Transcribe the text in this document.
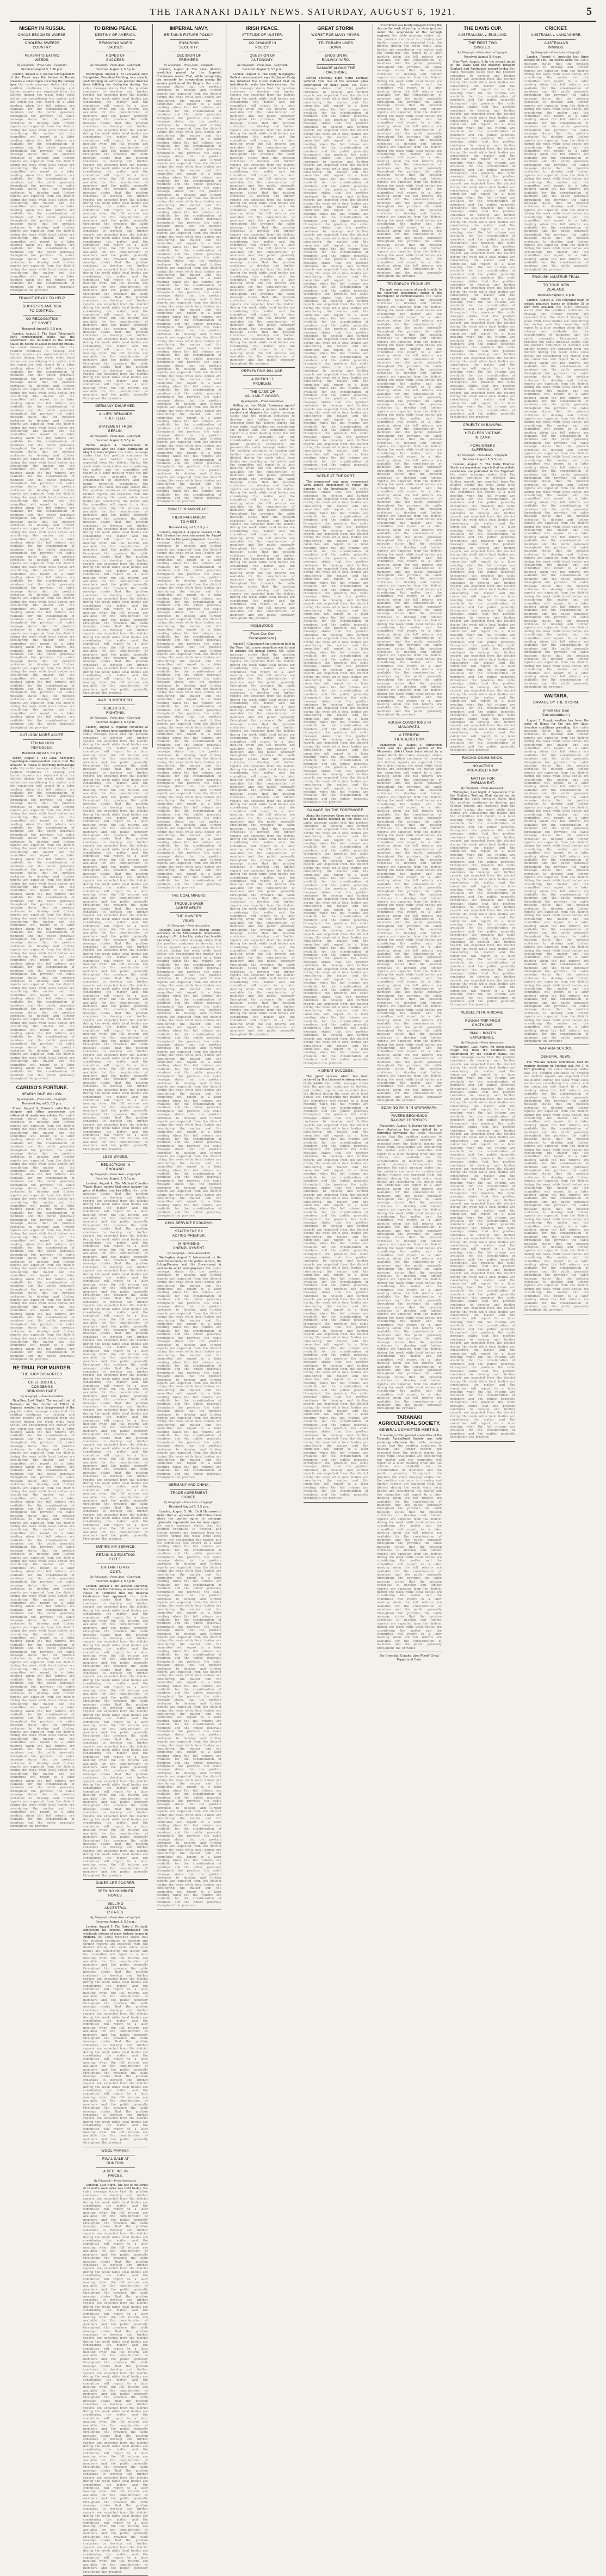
THE TARANAKI DAILY NEWS. SATURDAY, AUGUST 6, 1921.	5
MISERY IN RUSSIA.
CHAOS BECOMES WORSE.
CHOLERA SWEEPS COUNTRY.
PEASANTS EATING WEEDS.
By Telegraph.—Press Assn.—Copyright.
Received August 5, 7.50 p.m.
London, August 4. A special correspondent of the Times says the famine in Russia presents a catastrophe recalling the darkest ages. the cable message states that the position continues to develop and further reports are expected from the district during the week while local bodies are considering the matter and the committee will report to a later meeting when the full returns are available for the consideration of members and the public generally throughout the province the cable message states that the position continues to develop and further reports are expected from the district during the week while local bodies are considering the matter and the committee will report to a later meeting when the full returns are available for the consideration of members and the public generally throughout the province the cable message states that the position continues to develop and further reports are expected from the district during the week while local bodies are considering the matter and the committee will report to a later meeting when the full returns are available for the consideration of members and the public generally throughout the province the cable message states that the position continues to develop and further reports are expected from the district during the week while local bodies are considering the matter and the committee will report to a later meeting when the full returns are available for the consideration of members and the public generally throughout the province the cable message states that the position continues to develop and further reports are expected from the district during the week while local bodies are considering the matter and the committee will report to a later meeting when the full returns are available for the consideration of members and the public generally throughout the province the cable message states that the position continues to develop and further reports are expected from the district during the week while local bodies are considering the matter and the committee will report to a later meeting when the full returns are available for the consideration of members and the public generally throughout the province
FRANCE READY TO HELP.
SUGGESTS AMERICA TO CONTROL.
NO RECOGNITION OF SOVIET.
Received August 5, 5.5 p.m.
London, August 5. The Daily Telegraph's Paris correspondent states that the Government has intimated to the United States its desire to assist in feeding Russia. the cable message states that the position continues to develop and further reports are expected from the district during the week while local bodies are considering the matter and the committee will report to a later meeting when the full returns are available for the consideration of members and the public generally throughout the province the cable message states that the position continues to develop and further reports are expected from the district during the week while local bodies are considering the matter and the committee will report to a later meeting when the full returns are available for the consideration of members and the public generally throughout the province the cable message states that the position continues to develop and further reports are expected from the district during the week while local bodies are considering the matter and the committee will report to a later meeting when the full returns are available for the consideration of members and the public generally throughout the province the cable message states that the position continues to develop and further reports are expected from the district during the week while local bodies are considering the matter and the committee will report to a later meeting when the full returns are available for the consideration of members and the public generally throughout the province the cable message states that the position continues to develop and further reports are expected from the district during the week while local bodies are considering the matter and the committee will report to a later meeting when the full returns are available for the consideration of members and the public generally throughout the province the cable message states that the position continues to develop and further reports are expected from the district during the week while local bodies are considering the matter and the committee will report to a later meeting when the full returns are available for the consideration of members and the public generally throughout the province the cable message states that the position continues to develop and further reports are expected from the district during the week while local bodies are considering the matter and the committee will report to a later meeting when the full returns are available for the consideration of members and the public generally throughout the province the cable message states that the position continues to develop and further reports are expected from the district during the week while local bodies are considering the matter and the committee will report to a later meeting when the full returns are available for the consideration of members and the public generally throughout the province the cable message states that the position continues to develop and further reports are expected from the district during the week while local bodies are considering the matter and the committee will report to a later meeting when the full returns are available for the consideration of members and the public generally throughout the province the cable message states that the position continues to develop and further reports are expected from the district during the week while local bodies are considering the matter and the committee will report to a later meeting when the full returns are available for the consideration of members and the public generally throughout the province the cable message states that the position continues to develop and further reports are expected from the district during the week while local bodies are considering the matter and the committee will report to a later meeting when the full returns are available for the consideration of members and the public generally throughout the province
OUTLOOK MORE ACUTE.
TEN MILLION REFUGEES.
Received August 5, 5.5 p.m.
Berlin, August 4. The Lokal Anzeiger's Copenhagen correspondent states that the situation in Russia is becoming increasingly acute. the cable message states that the position continues to develop and further reports are expected from the district during the week while local bodies are considering the matter and the committee will report to a later meeting when the full returns are available for the consideration of members and the public generally throughout the province the cable message states that the position continues to develop and further reports are expected from the district during the week while local bodies are considering the matter and the committee will report to a later meeting when the full returns are available for the consideration of members and the public generally throughout the province the cable message states that the position continues to develop and further reports are expected from the district during the week while local bodies are considering the matter and the committee will report to a later meeting when the full returns are available for the consideration of members and the public generally throughout the province the cable message states that the position continues to develop and further reports are expected from the district during the week while local bodies are considering the matter and the committee will report to a later meeting when the full returns are available for the consideration of members and the public generally throughout the province the cable message states that the position continues to develop and further reports are expected from the district during the week while local bodies are considering the matter and the committee will report to a later meeting when the full returns are available for the consideration of members and the public generally throughout the province the cable message states that the position continues to develop and further reports are expected from the district during the week while local bodies are considering the matter and the committee will report to a later meeting when the full returns are available for the consideration of members and the public generally throughout the province the cable message states that the position continues to develop and further reports are expected from the district during the week while local bodies are considering the matter and the committee will report to a later meeting when the full returns are available for the consideration of members and the public generally throughout the province the cable message states that the position continues to develop and further reports are expected from the district during the week while local bodies are considering the matter and the committee will report to a later meeting when the full returns are available for the consideration of members and the public generally throughout the province the cable message states that the position continues to develop and further reports are expected from the district during the week while local bodies are considering the matter and the committee will report to a later meeting when the full returns are available for the consideration of members and the public generally throughout the province
CARUSO'S FORTUNE.
NEARLY ONE MILLION.
By Telegraph.—Press Assn.—Copyright.
Received August 5, 5.5 p.m.
Rome, August 4. Caruso's collection of antiques and other possessions are estimated at nearly one million. the cable message states that the position continues to develop and further reports are expected from the district during the week while local bodies are considering the matter and the committee will report to a later meeting when the full returns are available for the consideration of members and the public generally throughout the province the cable message states that the position continues to develop and further reports are expected from the district during the week while local bodies are considering the matter and the committee will report to a later meeting when the full returns are available for the consideration of members and the public generally throughout the province the cable message states that the position continues to develop and further reports are expected from the district during the week while local bodies are considering the matter and the committee will report to a later meeting when the full returns are available for the consideration of members and the public generally throughout the province the cable message states that the position continues to develop and further reports are expected from the district during the week while local bodies are considering the matter and the committee will report to a later meeting when the full returns are available for the consideration of members and the public generally throughout the province the cable message states that the position continues to develop and further reports are expected from the district during the week while local bodies are considering the matter and the committee will report to a later meeting when the full returns are available for the consideration of members and the public generally throughout the province the cable message states that the position continues to develop and further reports are expected from the district during the week while local bodies are considering the matter and the committee will report to a later meeting when the full returns are available for the consideration of members and the public generally throughout the province the cable message states that the position continues to develop and further reports are expected from the district during the week while local bodies are considering the matter and the committee will report to a later meeting when the full returns are available for the consideration of members and the public generally throughout the province
RE-TRIAL FOR MURDER.
THE JURY DISAGREES.
CHIEF JUSTICE CONDEMNS DRINKING HABIT.
By Telegraph.—Press Association.
Hamilton, Last Night. The second trial of Haskamp for the murder of Elliott at Ongarue resulted in a disagreement of the jury. the cable message states that the position continues to develop and further reports are expected from the district during the week while local bodies are considering the matter and the committee will report to a later meeting when the full returns are available for the consideration of members and the public generally throughout the province the cable message states that the position continues to develop and further reports are expected from the district during the week while local bodies are considering the matter and the committee will report to a later meeting when the full returns are available for the consideration of members and the public generally throughout the province the cable message states that the position continues to develop and further reports are expected from the district during the week while local bodies are considering the matter and the committee will report to a later meeting when the full returns are available for the consideration of members and the public generally throughout the province the cable message states that the position continues to develop and further reports are expected from the district during the week while local bodies are considering the matter and the committee will report to a later meeting when the full returns are available for the consideration of members and the public generally throughout the province the cable message states that the position continues to develop and further reports are expected from the district during the week while local bodies are considering the matter and the committee will report to a later meeting when the full returns are available for the consideration of members and the public generally throughout the province the cable message states that the position continues to develop and further reports are expected from the district during the week while local bodies are considering the matter and the committee will report to a later meeting when the full returns are available for the consideration of members and the public generally throughout the province the cable message states that the position continues to develop and further reports are expected from the district during the week while local bodies are considering the matter and the committee will report to a later meeting when the full returns are available for the consideration of members and the public generally throughout the province the cable message states that the position continues to develop and further reports are expected from the district during the week while local bodies are considering the matter and the committee will report to a later meeting when the full returns are available for the consideration of members and the public generally throughout the province the cable message states that the position continues to develop and further reports are expected from the district during the week while local bodies are considering the matter and the committee will report to a later meeting when the full returns are available for the consideration of members and the public generally throughout the province the cable message states that the position continues to develop and further reports are expected from the district during the week while local bodies are considering the matter and the committee will report to a later meeting when the full returns are available for the consideration of members and the public generally throughout the province the cable message states that the position continues to develop and further reports are expected from the district during the week while local bodies are considering the matter and the committee will report to a later meeting when the full returns are available for the consideration of members and the public generally throughout the province the cable message states that the position continues to develop and further reports are expected from the district during the week while local bodies are considering the matter and the committee will report to a later meeting when the full returns are available for the consideration of members and the public generally throughout the province
TO BRING PEACE.
DESTINY OF AMERICA.
REMOVING WAR'S CAUSES.
HOPES OF SUCCESS.
By Telegraph.—Press Assn.—Copyright.
Received August 5, 5.5 p.m.
Washington, August 4. At Lancaster, New Hampshire, President Harding, in a speech, said: Nothing on earth can prevent America from fulfilling her God-given destiny. the cable message states that the position continues to develop and further reports are expected from the district during the week while local bodies are considering the matter and the committee will report to a later meeting when the full returns are available for the consideration of members and the public generally throughout the province the cable message states that the position continues to develop and further reports are expected from the district during the week while local bodies are considering the matter and the committee will report to a later meeting when the full returns are available for the consideration of members and the public generally throughout the province the cable message states that the position continues to develop and further reports are expected from the district during the week while local bodies are considering the matter and the committee will report to a later meeting when the full returns are available for the consideration of members and the public generally throughout the province the cable message states that the position continues to develop and further reports are expected from the district during the week while local bodies are considering the matter and the committee will report to a later meeting when the full returns are available for the consideration of members and the public generally throughout the province the cable message states that the position continues to develop and further reports are expected from the district during the week while local bodies are considering the matter and the committee will report to a later meeting when the full returns are available for the consideration of members and the public generally throughout the province the cable message states that the position continues to develop and further reports are expected from the district during the week while local bodies are considering the matter and the committee will report to a later meeting when the full returns are available for the consideration of members and the public generally throughout the province the cable message states that the position continues to develop and further reports are expected from the district during the week while local bodies are considering the matter and the committee will report to a later meeting when the full returns are available for the consideration of members and the public generally throughout the province the cable message states that the position continues to develop and further reports are expected from the district during the week while local bodies are considering the matter and the committee will report to a later meeting when the full returns are available for the consideration of members and the public generally throughout the province the cable message states that the position continues to develop and further reports are expected from the district during the week while local bodies are considering the matter and the committee will report to a later meeting when the full returns are available for the consideration of members and the public generally throughout the province
GERMANY DISARMED.
ALLIES' DEMANDS FULFILLED.
STATEMENT FROM BERLIN.
By Telegraph.—Press Assn.—Copyright.
Received August 5, 5.5 p.m.
Berlin, August 4. Disarmament in accordance with the Allies' ultimatum of May 5 is now complete. the cable message states that the position continues to develop and further reports are expected from the district during the week while local bodies are considering the matter and the committee will report to a later meeting when the full returns are available for the consideration of members and the public generally throughout the province the cable message states that the position continues to develop and further reports are expected from the district during the week while local bodies are considering the matter and the committee will report to a later meeting when the full returns are available for the consideration of members and the public generally throughout the province the cable message states that the position continues to develop and further reports are expected from the district during the week while local bodies are considering the matter and the committee will report to a later meeting when the full returns are available for the consideration of members and the public generally throughout the province the cable message states that the position continues to develop and further reports are expected from the district during the week while local bodies are considering the matter and the committee will report to a later meeting when the full returns are available for the consideration of members and the public generally throughout the province the cable message states that the position continues to develop and further reports are expected from the district during the week while local bodies are considering the matter and the committee will report to a later meeting when the full returns are available for the consideration of members and the public generally throughout the province the cable message states that the position continues to develop and further reports are expected from the district during the week while local bodies are considering the matter and the committee will report to a later meeting when the full returns are available for the consideration of members and the public generally throughout the province the cable message states that the position continues to develop and further reports are expected from the district during the week while local bodies are considering the matter and the committee will report to a later meeting when the full returns are available for the consideration of members and the public generally throughout the province
WAR IN MOROCCO.
REBELS STILL FIGHTING.
By Telegraph.—Press Assn.—Copyright.
Received August 5, 5.5 p.m.
Madrid, August 4. Fighting continues at Melilla. The rebels have captured Nador. the cable message states that the position continues to develop and further reports are expected from the district during the week while local bodies are considering the matter and the committee will report to a later meeting when the full returns are available for the consideration of members and the public generally throughout the province the cable message states that the position continues to develop and further reports are expected from the district during the week while local bodies are considering the matter and the committee will report to a later meeting when the full returns are available for the consideration of members and the public generally throughout the province the cable message states that the position continues to develop and further reports are expected from the district during the week while local bodies are considering the matter and the committee will report to a later meeting when the full returns are available for the consideration of members and the public generally throughout the province the cable message states that the position continues to develop and further reports are expected from the district during the week while local bodies are considering the matter and the committee will report to a later meeting when the full returns are available for the consideration of members and the public generally throughout the province the cable message states that the position continues to develop and further reports are expected from the district during the week while local bodies are considering the matter and the committee will report to a later meeting when the full returns are available for the consideration of members and the public generally throughout the province the cable message states that the position continues to develop and further reports are expected from the district during the week while local bodies are considering the matter and the committee will report to a later meeting when the full returns are available for the consideration of members and the public generally throughout the province the cable message states that the position continues to develop and further reports are expected from the district during the week while local bodies are considering the matter and the committee will report to a later meeting when the full returns are available for the consideration of members and the public generally throughout the province the cable message states that the position continues to develop and further reports are expected from the district during the week while local bodies are considering the matter and the committee will report to a later meeting when the full returns are available for the consideration of members and the public generally throughout the province the cable message states that the position continues to develop and further reports are expected from the district during the week while local bodies are considering the matter and the committee will report to a later meeting when the full returns are available for the consideration of members and the public generally throughout the province the cable message states that the position continues to develop and further reports are expected from the district during the week while local bodies are considering the matter and the committee will report to a later meeting when the full returns are available for the consideration of members and the public generally throughout the province the cable message states that the position continues to develop and further reports are expected from the district during the week while local bodies are considering the matter and the committee will report to a later meeting when the full returns are available for the consideration of members and the public generally throughout the province the cable message states that the position continues to develop and further reports are expected from the district during the week while local bodies are considering the matter and the committee will report to a later meeting when the full returns are available for the consideration of members and the public generally throughout the province
LESS WAGES.
REDUCTIONS IN ENGLAND.
By Telegraph.—Press Assn.—Copyright.
Received August 5, 5.5 p.m.
London, August 4. The Midland Counties Wages Board reports that since January the price of finished iron has fallen. the cable message states that the position continues to develop and further reports are expected from the district during the week while local bodies are considering the matter and the committee will report to a later meeting when the full returns are available for the consideration of members and the public generally throughout the province the cable message states that the position continues to develop and further reports are expected from the district during the week while local bodies are considering the matter and the committee will report to a later meeting when the full returns are available for the consideration of members and the public generally throughout the province the cable message states that the position continues to develop and further reports are expected from the district during the week while local bodies are considering the matter and the committee will report to a later meeting when the full returns are available for the consideration of members and the public generally throughout the province the cable message states that the position continues to develop and further reports are expected from the district during the week while local bodies are considering the matter and the committee will report to a later meeting when the full returns are available for the consideration of members and the public generally throughout the province the cable message states that the position continues to develop and further reports are expected from the district during the week while local bodies are considering the matter and the committee will report to a later meeting when the full returns are available for the consideration of members and the public generally throughout the province the cable message states that the position continues to develop and further reports are expected from the district during the week while local bodies are considering the matter and the committee will report to a later meeting when the full returns are available for the consideration of members and the public generally throughout the province the cable message states that the position continues to develop and further reports are expected from the district during the week while local bodies are considering the matter and the committee will report to a later meeting when the full returns are available for the consideration of members and the public generally throughout the province the cable message states that the position continues to develop and further reports are expected from the district during the week while local bodies are considering the matter and the committee will report to a later meeting when the full returns are available for the consideration of members and the public generally throughout the province the cable message states that the position continues to develop and further reports are expected from the district during the week while local bodies are considering the matter and the committee will report to a later meeting when the full returns are available for the consideration of members and the public generally throughout the province the cable message states that the position continues to develop and further reports are expected from the district during the week while local bodies are considering the matter and the committee will report to a later meeting when the full returns are available for the consideration of members and the public generally throughout the province
EMPIRE AIR SERVICE.
RETAINING EXISTING FLEET.
BRITAIN TO PAY COST.
By Telegraph.—Press Assn.—Copyright.
Received August 5, 5.5 p.m.
London, August 4. Mr. Winston Churchill, Secretary for the Colonies, announced in the House of Commons that the Imperial Conference had approved. the cable message states that the position continues to develop and further reports are expected from the district during the week while local bodies are considering the matter and the committee will report to a later meeting when the full returns are available for the consideration of members and the public generally throughout the province the cable message states that the position continues to develop and further reports are expected from the district during the week while local bodies are considering the matter and the committee will report to a later meeting when the full returns are available for the consideration of members and the public generally throughout the province the cable message states that the position continues to develop and further reports are expected from the district during the week while local bodies are considering the matter and the committee will report to a later meeting when the full returns are available for the consideration of members and the public generally throughout the province the cable message states that the position continues to develop and further reports are expected from the district during the week while local bodies are considering the matter and the committee will report to a later meeting when the full returns are available for the consideration of members and the public generally throughout the province the cable message states that the position continues to develop and further reports are expected from the district during the week while local bodies are considering the matter and the committee will report to a later meeting when the full returns are available for the consideration of members and the public generally throughout the province the cable message states that the position continues to develop and further reports are expected from the district during the week while local bodies are considering the matter and the committee will report to a later meeting when the full returns are available for the consideration of members and the public generally throughout the province the cable message states that the position continues to develop and further reports are expected from the district during the week while local bodies are considering the matter and the committee will report to a later meeting when the full returns are available for the consideration of members and the public generally throughout the province the cable message states that the position continues to develop and further reports are expected from the district during the week while local bodies are considering the matter and the committee will report to a later meeting when the full returns are available for the consideration of members and the public generally throughout the province
DUKES ARE POORER.
SEEKING HUMBLER HOMES.
SELLING ANCESTRAL ESTATES.
By Telegraph.—Press Assn.—Copyright.
Received August 5, 5.5 p.m.
London, August 5. The Duke of Portland, addressing his tenants, prophesied the wholesale closure of many historic homes in England. the cable message states that the position continues to develop and further reports are expected from the district during the week while local bodies are considering the matter and the committee will report to a later meeting when the full returns are available for the consideration of members and the public generally throughout the province the cable message states that the position continues to develop and further reports are expected from the district during the week while local bodies are considering the matter and the committee will report to a later meeting when the full returns are available for the consideration of members and the public generally throughout the province the cable message states that the position continues to develop and further reports are expected from the district during the week while local bodies are considering the matter and the committee will report to a later meeting when the full returns are available for the consideration of members and the public generally throughout the province the cable message states that the position continues to develop and further reports are expected from the district during the week while local bodies are considering the matter and the committee will report to a later meeting when the full returns are available for the consideration of members and the public generally throughout the province the cable message states that the position continues to develop and further reports are expected from the district during the week while local bodies are considering the matter and the committee will report to a later meeting when the full returns are available for the consideration of members and the public generally throughout the province the cable message states that the position continues to develop and further reports are expected from the district during the week while local bodies are considering the matter and the committee will report to a later meeting when the full returns are available for the consideration of members and the public generally throughout the province
WOOL MARKET.
FINAL SALE AT DUNEDIN.
A DECLINE IN PRICES.
By Telegraph.—Press Association.
Dunedin, Last Night. The last of the series of Dunedin wool sales was held to-day. the cable message states that the position continues to develop and further reports are expected from the district during the week while local bodies are considering the matter and the committee will report to a later meeting when the full returns are available for the consideration of members and the public generally throughout the province the cable message states that the position continues to develop and further reports are expected from the district during the week while local bodies are considering the matter and the committee will report to a later meeting when the full returns are available for the consideration of members and the public generally throughout the province the cable message states that the position continues to develop and further reports are expected from the district during the week while local bodies are considering the matter and the committee will report to a later meeting when the full returns are available for the consideration of members and the public generally throughout the province the cable message states that the position continues to develop and further reports are expected from the district during the week while local bodies are considering the matter and the committee will report to a later meeting when the full returns are available for the consideration of members and the public generally throughout the province the cable message states that the position continues to develop and further reports are expected from the district during the week while local bodies are considering the matter and the committee will report to a later meeting when the full returns are available for the consideration of members and the public generally throughout the province the cable message states that the position continues to develop and further reports are expected from the district during the week while local bodies are considering the matter and the committee will report to a later meeting when the full returns are available for the consideration of members and the public generally throughout the province the cable message states that the position continues to develop and further reports are expected from the district during the week while local bodies are considering the matter and the committee will report to a later meeting when the full returns are available for the consideration of members and the public generally throughout the province the cable message states that the position continues to develop and further reports are expected from the district during the week while local bodies are considering the matter and the committee will report to a later meeting when the full returns are available for the consideration of members and the public generally throughout the province the cable message states that the position continues to develop and further reports are expected from the district during the week while local bodies are considering the matter and the committee will report to a later meeting when the full returns are available for the consideration of members and the public generally throughout the province the cable message states that the position continues to develop and further reports are expected from the district during the week while local bodies are considering the matter and the committee will report to a later meeting when the full returns are available for the consideration of members and the public generally throughout the province the cable message states that the position continues to develop and further reports are expected from the district during the week while local bodies are considering the matter and the committee will report to a later meeting when the full returns are available for the consideration of members and the public generally throughout the province
IMPERIAL NAVY.
BRITAIN'S FUTURE POLICY.
ENSURING SECURITY.
DECISION OF PREMIERS.
By Telegraph.—Press Assn.—Copyright.
London, August 4. The naval defence resolution passed by the Imperial Conference reads: That, while recognising the necessity for co-operation among the various portions of the Empire. the cable message states that the position continues to develop and further reports are expected from the district during the week while local bodies are considering the matter and the committee will report to a later meeting when the full returns are available for the consideration of members and the public generally throughout the province the cable message states that the position continues to develop and further reports are expected from the district during the week while local bodies are considering the matter and the committee will report to a later meeting when the full returns are available for the consideration of members and the public generally throughout the province the cable message states that the position continues to develop and further reports are expected from the district during the week while local bodies are considering the matter and the committee will report to a later meeting when the full returns are available for the consideration of members and the public generally throughout the province the cable message states that the position continues to develop and further reports are expected from the district during the week while local bodies are considering the matter and the committee will report to a later meeting when the full returns are available for the consideration of members and the public generally throughout the province the cable message states that the position continues to develop and further reports are expected from the district during the week while local bodies are considering the matter and the committee will report to a later meeting when the full returns are available for the consideration of members and the public generally throughout the province the cable message states that the position continues to develop and further reports are expected from the district during the week while local bodies are considering the matter and the committee will report to a later meeting when the full returns are available for the consideration of members and the public generally throughout the province the cable message states that the position continues to develop and further reports are expected from the district during the week while local bodies are considering the matter and the committee will report to a later meeting when the full returns are available for the consideration of members and the public generally throughout the province the cable message states that the position continues to develop and further reports are expected from the district during the week while local bodies are considering the matter and the committee will report to a later meeting when the full returns are available for the consideration of members and the public generally throughout the province the cable message states that the position continues to develop and further reports are expected from the district during the week while local bodies are considering the matter and the committee will report to a later meeting when the full returns are available for the consideration of members and the public generally throughout the province the cable message states that the position continues to develop and further reports are expected from the district during the week while local bodies are considering the matter and the committee will report to a later meeting when the full returns are available for the consideration of members and the public generally throughout the province the cable message states that the position continues to develop and further reports are expected from the district during the week while local bodies are considering the matter and the committee will report to a later meeting when the full returns are available for the consideration of members and the public generally throughout the province the cable message states that the position continues to develop and further reports are expected from the district during the week while local bodies are considering the matter and the committee will report to a later meeting when the full returns are available for the consideration of members and the public generally throughout the province
SINN FEIN AND PEACE.
THEIR PARLIAMENT TO MEET.
Received August 5, 5.5 p.m.
London, August 4. A special session of the Dail Eireann has been summoned for August 16 to discuss the peace proposals. the cable message states that the position continues to develop and further reports are expected from the district during the week while local bodies are considering the matter and the committee will report to a later meeting when the full returns are available for the consideration of members and the public generally throughout the province the cable message states that the position continues to develop and further reports are expected from the district during the week while local bodies are considering the matter and the committee will report to a later meeting when the full returns are available for the consideration of members and the public generally throughout the province the cable message states that the position continues to develop and further reports are expected from the district during the week while local bodies are considering the matter and the committee will report to a later meeting when the full returns are available for the consideration of members and the public generally throughout the province the cable message states that the position continues to develop and further reports are expected from the district during the week while local bodies are considering the matter and the committee will report to a later meeting when the full returns are available for the consideration of members and the public generally throughout the province the cable message states that the position continues to develop and further reports are expected from the district during the week while local bodies are considering the matter and the committee will report to a later meeting when the full returns are available for the consideration of members and the public generally throughout the province the cable message states that the position continues to develop and further reports are expected from the district during the week while local bodies are considering the matter and the committee will report to a later meeting when the full returns are available for the consideration of members and the public generally throughout the province the cable message states that the position continues to develop and further reports are expected from the district during the week while local bodies are considering the matter and the committee will report to a later meeting when the full returns are available for the consideration of members and the public generally throughout the province the cable message states that the position continues to develop and further reports are expected from the district during the week while local bodies are considering the matter and the committee will report to a later meeting when the full returns are available for the consideration of members and the public generally throughout the province the cable message states that the position continues to develop and further reports are expected from the district during the week while local bodies are considering the matter and the committee will report to a later meeting when the full returns are available for the consideration of members and the public generally throughout the province the cable message states that the position continues to develop and further reports are expected from the district during the week while local bodies are considering the matter and the committee will report to a later meeting when the full returns are available for the consideration of members and the public generally throughout the province
THE COAL MINERS.
TROUBLE OVER AGREEMENTS.
THE OWNERS' VIEWS.
By Telegraph.—Press Association.
Dunedin, Last Night. Mr. Bishop, acting-secretary of the Mine-owners' Association, replying to Mr. Arbuckle, states that trouble has arisen. the cable message states that the position continues to develop and further reports are expected from the district during the week while local bodies are considering the matter and the committee will report to a later meeting when the full returns are available for the consideration of members and the public generally throughout the province the cable message states that the position continues to develop and further reports are expected from the district during the week while local bodies are considering the matter and the committee will report to a later meeting when the full returns are available for the consideration of members and the public generally throughout the province the cable message states that the position continues to develop and further reports are expected from the district during the week while local bodies are considering the matter and the committee will report to a later meeting when the full returns are available for the consideration of members and the public generally throughout the province the cable message states that the position continues to develop and further reports are expected from the district during the week while local bodies are considering the matter and the committee will report to a later meeting when the full returns are available for the consideration of members and the public generally throughout the province the cable message states that the position continues to develop and further reports are expected from the district during the week while local bodies are considering the matter and the committee will report to a later meeting when the full returns are available for the consideration of members and the public generally throughout the province the cable message states that the position continues to develop and further reports are expected from the district during the week while local bodies are considering the matter and the committee will report to a later meeting when the full returns are available for the consideration of members and the public generally throughout the province the cable message states that the position continues to develop and further reports are expected from the district during the week while local bodies are considering the matter and the committee will report to a later meeting when the full returns are available for the consideration of members and the public generally throughout the province the cable message states that the position continues to develop and further reports are expected from the district during the week while local bodies are considering the matter and the committee will report to a later meeting when the full returns are available for the consideration of members and the public generally throughout the province
CIVIL SERVICE ECONOMY.
STATEMENT BY ACTING-PREMIER.
MINIMISING UNEMPLOYMENT.
By Telegraph.—Press Association.
Wellington, August 5. Interviewed on the need for economy in the public service, the Acting-Premier said the Government is anxious to avoid unemployment. the cable message states that the position continues to develop and further reports are expected from the district during the week while local bodies are considering the matter and the committee will report to a later meeting when the full returns are available for the consideration of members and the public generally throughout the province the cable message states that the position continues to develop and further reports are expected from the district during the week while local bodies are considering the matter and the committee will report to a later meeting when the full returns are available for the consideration of members and the public generally throughout the province the cable message states that the position continues to develop and further reports are expected from the district during the week while local bodies are considering the matter and the committee will report to a later meeting when the full returns are available for the consideration of members and the public generally throughout the province the cable message states that the position continues to develop and further reports are expected from the district during the week while local bodies are considering the matter and the committee will report to a later meeting when the full returns are available for the consideration of members and the public generally throughout the province the cable message states that the position continues to develop and further reports are expected from the district during the week while local bodies are considering the matter and the committee will report to a later meeting when the full returns are available for the consideration of members and the public generally throughout the province the cable message states that the position continues to develop and further reports are expected from the district during the week while local bodies are considering the matter and the committee will report to a later meeting when the full returns are available for the consideration of members and the public generally throughout the province
GERMANY AND CHINA.
TRADE AGREEMENT SIGNED.
By Telegraph.—Press Assn.—Copyright.
Received August 5, 5.5 p.m.
London, August 5. Mr. Cecil Harmsworth stated that an agreement with China under which the parties agree to exchange diplomatic representatives has been signed. the cable message states that the position continues to develop and further reports are expected from the district during the week while local bodies are considering the matter and the committee will report to a later meeting when the full returns are available for the consideration of members and the public generally throughout the province the cable message states that the position continues to develop and further reports are expected from the district during the week while local bodies are considering the matter and the committee will report to a later meeting when the full returns are available for the consideration of members and the public generally throughout the province the cable message states that the position continues to develop and further reports are expected from the district during the week while local bodies are considering the matter and the committee will report to a later meeting when the full returns are available for the consideration of members and the public generally throughout the province the cable message states that the position continues to develop and further reports are expected from the district during the week while local bodies are considering the matter and the committee will report to a later meeting when the full returns are available for the consideration of members and the public generally throughout the province the cable message states that the position continues to develop and further reports are expected from the district during the week while local bodies are considering the matter and the committee will report to a later meeting when the full returns are available for the consideration of members and the public generally throughout the province the cable message states that the position continues to develop and further reports are expected from the district during the week while local bodies are considering the matter and the committee will report to a later meeting when the full returns are available for the consideration of members and the public generally throughout the province the cable message states that the position continues to develop and further reports are expected from the district during the week while local bodies are considering the matter and the committee will report to a later meeting when the full returns are available for the consideration of members and the public generally throughout the province the cable message states that the position continues to develop and further reports are expected from the district during the week while local bodies are considering the matter and the committee will report to a later meeting when the full returns are available for the consideration of members and the public generally throughout the province the cable message states that the position continues to develop and further reports are expected from the district during the week while local bodies are considering the matter and the committee will report to a later meeting when the full returns are available for the consideration of members and the public generally throughout the province the cable message states that the position continues to develop and further reports are expected from the district during the week while local bodies are considering the matter and the committee will report to a later meeting when the full returns are available for the consideration of members and the public generally throughout the province the cable message states that the position continues to develop and further reports are expected from the district during the week while local bodies are considering the matter and the committee will report to a later meeting when the full returns are available for the consideration of members and the public generally throughout the province
IRISH PEACE.
ATTITUDE OF ULSTER.
NO CHANGE IN POLICY.
QUESTION OF AUTONOMY.
By Telegraph.—Press Assn.—Copyright.
Received August 5, 5.5 p.m.
London, August 4. The Daily Telegraph's Belfast correspondent says Sir James Craig has informed the Ulster Cabinet that no invitation to confer has been received. the cable message states that the position continues to develop and further reports are expected from the district during the week while local bodies are considering the matter and the committee will report to a later meeting when the full returns are available for the consideration of members and the public generally throughout the province the cable message states that the position continues to develop and further reports are expected from the district during the week while local bodies are considering the matter and the committee will report to a later meeting when the full returns are available for the consideration of members and the public generally throughout the province the cable message states that the position continues to develop and further reports are expected from the district during the week while local bodies are considering the matter and the committee will report to a later meeting when the full returns are available for the consideration of members and the public generally throughout the province the cable message states that the position continues to develop and further reports are expected from the district during the week while local bodies are considering the matter and the committee will report to a later meeting when the full returns are available for the consideration of members and the public generally throughout the province the cable message states that the position continues to develop and further reports are expected from the district during the week while local bodies are considering the matter and the committee will report to a later meeting when the full returns are available for the consideration of members and the public generally throughout the province the cable message states that the position continues to develop and further reports are expected from the district during the week while local bodies are considering the matter and the committee will report to a later meeting when the full returns are available for the consideration of members and the public generally throughout the province the cable message states that the position continues to develop and further reports are expected from the district during the week while local bodies are considering the matter and the committee will report to a later meeting when the full returns are available for the consideration of members and the public generally throughout the province the cable message states that the position continues to develop and further reports are expected from the district during the week while local bodies are considering the matter and the committee will report to a later meeting when the full returns are available for the consideration of members and the public generally throughout the province
PREVENTING PILLAGE.
A DIFFICULT PROBLEM.
THE CASE OF VALUABLE GOODS.
By Telegraph.—Press Association.
Wellington, Last Night. Insurance agents' pillage has become a serious matter for carriers and shippers. the cable message states that the position continues to develop and further reports are expected from the district during the week while local bodies are considering the matter and the committee will report to a later meeting when the full returns are available for the consideration of members and the public generally throughout the province the cable message states that the position continues to develop and further reports are expected from the district during the week while local bodies are considering the matter and the committee will report to a later meeting when the full returns are available for the consideration of members and the public generally throughout the province the cable message states that the position continues to develop and further reports are expected from the district during the week while local bodies are considering the matter and the committee will report to a later meeting when the full returns are available for the consideration of members and the public generally throughout the province the cable message states that the position continues to develop and further reports are expected from the district during the week while local bodies are considering the matter and the committee will report to a later meeting when the full returns are available for the consideration of members and the public generally throughout the province the cable message states that the position continues to develop and further reports are expected from the district during the week while local bodies are considering the matter and the committee will report to a later meeting when the full returns are available for the consideration of members and the public generally throughout the province the cable message states that the position continues to develop and further reports are expected from the district during the week while local bodies are considering the matter and the committee will report to a later meeting when the full returns are available for the consideration of members and the public generally throughout the province
INGLEWOOD.
(From Our Own Correspondent.)
August 5. Consequent on a meeting held in the Town Hall, a new committee was formed to arrange the annual sports. the cable message states that the position continues to develop and further reports are expected from the district during the week while local bodies are considering the matter and the committee will report to a later meeting when the full returns are available for the consideration of members and the public generally throughout the province the cable message states that the position continues to develop and further reports are expected from the district during the week while local bodies are considering the matter and the committee will report to a later meeting when the full returns are available for the consideration of members and the public generally throughout the province the cable message states that the position continues to develop and further reports are expected from the district during the week while local bodies are considering the matter and the committee will report to a later meeting when the full returns are available for the consideration of members and the public generally throughout the province the cable message states that the position continues to develop and further reports are expected from the district during the week while local bodies are considering the matter and the committee will report to a later meeting when the full returns are available for the consideration of members and the public generally throughout the province the cable message states that the position continues to develop and further reports are expected from the district during the week while local bodies are considering the matter and the committee will report to a later meeting when the full returns are available for the consideration of members and the public generally throughout the province the cable message states that the position continues to develop and further reports are expected from the district during the week while local bodies are considering the matter and the committee will report to a later meeting when the full returns are available for the consideration of members and the public generally throughout the province the cable message states that the position continues to develop and further reports are expected from the district during the week while local bodies are considering the matter and the committee will report to a later meeting when the full returns are available for the consideration of members and the public generally throughout the province the cable message states that the position continues to develop and further reports are expected from the district during the week while local bodies are considering the matter and the committee will report to a later meeting when the full returns are available for the consideration of members and the public generally throughout the province the cable message states that the position continues to develop and further reports are expected from the district during the week while local bodies are considering the matter and the committee will report to a later meeting when the full returns are available for the consideration of members and the public generally throughout the province the cable message states that the position continues to develop and further reports are expected from the district during the week while local bodies are considering the matter and the committee will report to a later meeting when the full returns are available for the consideration of members and the public generally throughout the province the cable message states that the position continues to develop and further reports are expected from the district during the week while local bodies are considering the matter and the committee will report to a later meeting when the full returns are available for the consideration of members and the public generally throughout the province
GREAT STORM.
WORST FOR MANY YEARS.
TELEGRAPH LINES DOWN.
EROSION IN RAILWAY YARD.
DAMAGE ALONG THE FORESHORE.
During Thursday night North Taranaki suffered from one of the severest gales experienced for many years. the cable message states that the position continues to develop and further reports are expected from the district during the week while local bodies are considering the matter and the committee will report to a later meeting when the full returns are available for the consideration of members and the public generally throughout the province the cable message states that the position continues to develop and further reports are expected from the district during the week while local bodies are considering the matter and the committee will report to a later meeting when the full returns are available for the consideration of members and the public generally throughout the province the cable message states that the position continues to develop and further reports are expected from the district during the week while local bodies are considering the matter and the committee will report to a later meeting when the full returns are available for the consideration of members and the public generally throughout the province the cable message states that the position continues to develop and further reports are expected from the district during the week while local bodies are considering the matter and the committee will report to a later meeting when the full returns are available for the consideration of members and the public generally throughout the province the cable message states that the position continues to develop and further reports are expected from the district during the week while local bodies are considering the matter and the committee will report to a later meeting when the full returns are available for the consideration of members and the public generally throughout the province the cable message states that the position continues to develop and further reports are expected from the district during the week while local bodies are considering the matter and the committee will report to a later meeting when the full returns are available for the consideration of members and the public generally throughout the province the cable message states that the position continues to develop and further reports are expected from the district during the week while local bodies are considering the matter and the committee will report to a later meeting when the full returns are available for the consideration of members and the public generally throughout the province the cable message states that the position continues to develop and further reports are expected from the district during the week while local bodies are considering the matter and the committee will report to a later meeting when the full returns are available for the consideration of members and the public generally throughout the province the cable message states that the position continues to develop and further reports are expected from the district during the week while local bodies are considering the matter and the committee will report to a later meeting when the full returns are available for the consideration of members and the public generally throughout the province the cable message states that the position continues to develop and further reports are expected from the district during the week while local bodies are considering the matter and the committee will report to a later meeting when the full returns are available for the consideration of members and the public generally throughout the province the cable message states that the position continues to develop and further reports are expected from the district during the week while local bodies are considering the matter and the committee will report to a later meeting when the full returns are available for the consideration of members and the public generally throughout the province
SCENE AT THE PORT.
The permanent way gang commenced work almost immediately to repair the damage at the breakwater. the cable message states that the position continues to develop and further reports are expected from the district during the week while local bodies are considering the matter and the committee will report to a later meeting when the full returns are available for the consideration of members and the public generally throughout the province the cable message states that the position continues to develop and further reports are expected from the district during the week while local bodies are considering the matter and the committee will report to a later meeting when the full returns are available for the consideration of members and the public generally throughout the province the cable message states that the position continues to develop and further reports are expected from the district during the week while local bodies are considering the matter and the committee will report to a later meeting when the full returns are available for the consideration of members and the public generally throughout the province the cable message states that the position continues to develop and further reports are expected from the district during the week while local bodies are considering the matter and the committee will report to a later meeting when the full returns are available for the consideration of members and the public generally throughout the province the cable message states that the position continues to develop and further reports are expected from the district during the week while local bodies are considering the matter and the committee will report to a later meeting when the full returns are available for the consideration of members and the public generally throughout the province the cable message states that the position continues to develop and further reports are expected from the district during the week while local bodies are considering the matter and the committee will report to a later meeting when the full returns are available for the consideration of members and the public generally throughout the province the cable message states that the position continues to develop and further reports are expected from the district during the week while local bodies are considering the matter and the committee will report to a later meeting when the full returns are available for the consideration of members and the public generally throughout the province the cable message states that the position continues to develop and further reports are expected from the district during the week while local bodies are considering the matter and the committee will report to a later meeting when the full returns are available for the consideration of members and the public generally throughout the province the cable message states that the position continues to develop and further reports are expected from the district during the week while local bodies are considering the matter and the committee will report to a later meeting when the full returns are available for the consideration of members and the public generally throughout the province
DAMAGE ON THE FORESHORE.
Along the foreshore there was evidence of the high marks reached by the tides. the cable message states that the position continues to develop and further reports are expected from the district during the week while local bodies are considering the matter and the committee will report to a later meeting when the full returns are available for the consideration of members and the public generally throughout the province the cable message states that the position continues to develop and further reports are expected from the district during the week while local bodies are considering the matter and the committee will report to a later meeting when the full returns are available for the consideration of members and the public generally throughout the province the cable message states that the position continues to develop and further reports are expected from the district during the week while local bodies are considering the matter and the committee will report to a later meeting when the full returns are available for the consideration of members and the public generally throughout the province the cable message states that the position continues to develop and further reports are expected from the district during the week while local bodies are considering the matter and the committee will report to a later meeting when the full returns are available for the consideration of members and the public generally throughout the province the cable message states that the position continues to develop and further reports are expected from the district during the week while local bodies are considering the matter and the committee will report to a later meeting when the full returns are available for the consideration of members and the public generally throughout the province the cable message states that the position continues to develop and further reports are expected from the district during the week while local bodies are considering the matter and the committee will report to a later meeting when the full returns are available for the consideration of members and the public generally throughout the province the cable message states that the position continues to develop and further reports are expected from the district during the week while local bodies are considering the matter and the committee will report to a later meeting when the full returns are available for the consideration of members and the public generally throughout the province
A GREAT SUCCESS.
The great success which has been achieved by Bon Liniment is strong evidence of its merits. the cable message states that the position continues to develop and further reports are expected from the district during the week while local bodies are considering the matter and the committee will report to a later meeting when the full returns are available for the consideration of members and the public generally throughout the province the cable message states that the position continues to develop and further reports are expected from the district during the week while local bodies are considering the matter and the committee will report to a later meeting when the full returns are available for the consideration of members and the public generally throughout the province the cable message states that the position continues to develop and further reports are expected from the district during the week while local bodies are considering the matter and the committee will report to a later meeting when the full returns are available for the consideration of members and the public generally throughout the province the cable message states that the position continues to develop and further reports are expected from the district during the week while local bodies are considering the matter and the committee will report to a later meeting when the full returns are available for the consideration of members and the public generally throughout the province the cable message states that the position continues to develop and further reports are expected from the district during the week while local bodies are considering the matter and the committee will report to a later meeting when the full returns are available for the consideration of members and the public generally throughout the province the cable message states that the position continues to develop and further reports are expected from the district during the week while local bodies are considering the matter and the committee will report to a later meeting when the full returns are available for the consideration of members and the public generally throughout the province the cable message states that the position continues to develop and further reports are expected from the district during the week while local bodies are considering the matter and the committee will report to a later meeting when the full returns are available for the consideration of members and the public generally throughout the province the cable message states that the position continues to develop and further reports are expected from the district during the week while local bodies are considering the matter and the committee will report to a later meeting when the full returns are available for the consideration of members and the public generally throughout the province the cable message states that the position continues to develop and further reports are expected from the district during the week while local bodies are considering the matter and the committee will report to a later meeting when the full returns are available for the consideration of members and the public generally throughout the province the cable message states that the position continues to develop and further reports are expected from the district during the week while local bodies are considering the matter and the committee will report to a later meeting when the full returns are available for the consideration of members and the public generally throughout the province the cable message states that the position continues to develop and further reports are expected from the district during the week while local bodies are considering the matter and the committee will report to a later meeting when the full returns are available for the consideration of members and the public generally throughout the province the cable message states that the position continues to develop and further reports are expected from the district during the week while local bodies are considering the matter and the committee will report to a later meeting when the full returns are available for the consideration of members and the public generally throughout the province
of workmen was busily engaged during the day on the work of putting in stone groynes under the supervision of the borough engineer. the cable message states that the position continues to develop and further reports are expected from the district during the week while local bodies are considering the matter and the committee will report to a later meeting when the full returns are available for the consideration of members and the public generally throughout the province the cable message states that the position continues to develop and further reports are expected from the district during the week while local bodies are considering the matter and the committee will report to a later meeting when the full returns are available for the consideration of members and the public generally throughout the province the cable message states that the position continues to develop and further reports are expected from the district during the week while local bodies are considering the matter and the committee will report to a later meeting when the full returns are available for the consideration of members and the public generally throughout the province the cable message states that the position continues to develop and further reports are expected from the district during the week while local bodies are considering the matter and the committee will report to a later meeting when the full returns are available for the consideration of members and the public generally throughout the province the cable message states that the position continues to develop and further reports are expected from the district during the week while local bodies are considering the matter and the committee will report to a later meeting when the full returns are available for the consideration of members and the public generally throughout the province the cable message states that the position continues to develop and further reports are expected from the district during the week while local bodies are considering the matter and the committee will report to a later meeting when the full returns are available for the consideration of members and the public generally throughout the province the cable message states that the position continues to develop and further reports are expected from the district during the week while local bodies are considering the matter and the committee will report to a later meeting when the full returns are available for the consideration of members and the public generally throughout the province
TELEGRAPH TROUBLES.
The gale was a source of much trouble to the telegraph department owing to the interruption of communications. the cable message states that the position continues to develop and further reports are expected from the district during the week while local bodies are considering the matter and the committee will report to a later meeting when the full returns are available for the consideration of members and the public generally throughout the province the cable message states that the position continues to develop and further reports are expected from the district during the week while local bodies are considering the matter and the committee will report to a later meeting when the full returns are available for the consideration of members and the public generally throughout the province the cable message states that the position continues to develop and further reports are expected from the district during the week while local bodies are considering the matter and the committee will report to a later meeting when the full returns are available for the consideration of members and the public generally throughout the province the cable message states that the position continues to develop and further reports are expected from the district during the week while local bodies are considering the matter and the committee will report to a later meeting when the full returns are available for the consideration of members and the public generally throughout the province the cable message states that the position continues to develop and further reports are expected from the district during the week while local bodies are considering the matter and the committee will report to a later meeting when the full returns are available for the consideration of members and the public generally throughout the province the cable message states that the position continues to develop and further reports are expected from the district during the week while local bodies are considering the matter and the committee will report to a later meeting when the full returns are available for the consideration of members and the public generally throughout the province the cable message states that the position continues to develop and further reports are expected from the district during the week while local bodies are considering the matter and the committee will report to a later meeting when the full returns are available for the consideration of members and the public generally throughout the province the cable message states that the position continues to develop and further reports are expected from the district during the week while local bodies are considering the matter and the committee will report to a later meeting when the full returns are available for the consideration of members and the public generally throughout the province the cable message states that the position continues to develop and further reports are expected from the district during the week while local bodies are considering the matter and the committee will report to a later meeting when the full returns are available for the consideration of members and the public generally throughout the province the cable message states that the position continues to develop and further reports are expected from the district during the week while local bodies are considering the matter and the committee will report to a later meeting when the full returns are available for the consideration of members and the public generally throughout the province the cable message states that the position continues to develop and further reports are expected from the district during the week while local bodies are considering the matter and the committee will report to a later meeting when the full returns are available for the consideration of members and the public generally throughout the province the cable message states that the position continues to develop and further reports are expected from the district during the week while local bodies are considering the matter and the committee will report to a later meeting when the full returns are available for the consideration of members and the public generally throughout the province
ROUGH CONDITIONS IN MANAWATU.
A TERRIFIC THUNDERSTORM.
Palmerston N., August 4. Palmerston North and the greater portion of the Manawatu district have been visited by a severe storm. the cable message states that the position continues to develop and further reports are expected from the district during the week while local bodies are considering the matter and the committee will report to a later meeting when the full returns are available for the consideration of members and the public generally throughout the province the cable message states that the position continues to develop and further reports are expected from the district during the week while local bodies are considering the matter and the committee will report to a later meeting when the full returns are available for the consideration of members and the public generally throughout the province the cable message states that the position continues to develop and further reports are expected from the district during the week while local bodies are considering the matter and the committee will report to a later meeting when the full returns are available for the consideration of members and the public generally throughout the province the cable message states that the position continues to develop and further reports are expected from the district during the week while local bodies are considering the matter and the committee will report to a later meeting when the full returns are available for the consideration of members and the public generally throughout the province the cable message states that the position continues to develop and further reports are expected from the district during the week while local bodies are considering the matter and the committee will report to a later meeting when the full returns are available for the consideration of members and the public generally throughout the province the cable message states that the position continues to develop and further reports are expected from the district during the week while local bodies are considering the matter and the committee will report to a later meeting when the full returns are available for the consideration of members and the public generally throughout the province the cable message states that the position continues to develop and further reports are expected from the district during the week while local bodies are considering the matter and the committee will report to a later meeting when the full returns are available for the consideration of members and the public generally throughout the province the cable message states that the position continues to develop and further reports are expected from the district during the week while local bodies are considering the matter and the committee will report to a later meeting when the full returns are available for the consideration of members and the public generally throughout the province the cable message states that the position continues to develop and further reports are expected from the district during the week while local bodies are considering the matter and the committee will report to a later meeting when the full returns are available for the consideration of members and the public generally throughout the province the cable message states that the position continues to develop and further reports are expected from the district during the week while local bodies are considering the matter and the committee will report to a later meeting when the full returns are available for the consideration of members and the public generally throughout the province
SOAKING RAIN IN WAIRARAPA.
RIVERS BEGINNING RAGING TORRENTS.
Masterton, August 4. During the past few days Masterton has been visited by a torrential downpour. the cable message states that the position continues to develop and further reports are expected from the district during the week while local bodies are considering the matter and the committee will report to a later meeting when the full returns are available for the consideration of members and the public generally throughout the province the cable message states that the position continues to develop and further reports are expected from the district during the week while local bodies are considering the matter and the committee will report to a later meeting when the full returns are available for the consideration of members and the public generally throughout the province the cable message states that the position continues to develop and further reports are expected from the district during the week while local bodies are considering the matter and the committee will report to a later meeting when the full returns are available for the consideration of members and the public generally throughout the province the cable message states that the position continues to develop and further reports are expected from the district during the week while local bodies are considering the matter and the committee will report to a later meeting when the full returns are available for the consideration of members and the public generally throughout the province the cable message states that the position continues to develop and further reports are expected from the district during the week while local bodies are considering the matter and the committee will report to a later meeting when the full returns are available for the consideration of members and the public generally throughout the province the cable message states that the position continues to develop and further reports are expected from the district during the week while local bodies are considering the matter and the committee will report to a later meeting when the full returns are available for the consideration of members and the public generally throughout the province the cable message states that the position continues to develop and further reports are expected from the district during the week while local bodies are considering the matter and the committee will report to a later meeting when the full returns are available for the consideration of members and the public generally throughout the province the cable message states that the position continues to develop and further reports are expected from the district during the week while local bodies are considering the matter and the committee will report to a later meeting when the full returns are available for the consideration of members and the public generally throughout the province
TARANAKI AGRICULTURAL SOCIETY.
GENERAL COMMITTEE MEETING.
A meeting of the general committee of the Taranaki Agricultural Society was held yesterday afternoon. the cable message states that the position continues to develop and further reports are expected from the district during the week while local bodies are considering the matter and the committee will report to a later meeting when the full returns are available for the consideration of members and the public generally throughout the province the cable message states that the position continues to develop and further reports are expected from the district during the week while local bodies are considering the matter and the committee will report to a later meeting when the full returns are available for the consideration of members and the public generally throughout the province the cable message states that the position continues to develop and further reports are expected from the district during the week while local bodies are considering the matter and the committee will report to a later meeting when the full returns are available for the consideration of members and the public generally throughout the province the cable message states that the position continues to develop and further reports are expected from the district during the week while local bodies are considering the matter and the committee will report to a later meeting when the full returns are available for the consideration of members and the public generally throughout the province the cable message states that the position continues to develop and further reports are expected from the district during the week while local bodies are considering the matter and the committee will report to a later meeting when the full returns are available for the consideration of members and the public generally throughout the province the cable message states that the position continues to develop and further reports are expected from the district during the week while local bodies are considering the matter and the committee will report to a later meeting when the full returns are available for the consideration of members and the public generally throughout the province
For Bronchial Coughs, take Woods' Great Peppermint Cure.
THE DAVIS CUP.
AUSTRALASIA v. ENGLAND.
THE FIRST TWO SINGLES.
By Telegraph.—Press Assn.—Copyright.
Received August 5, 9 p.m.
New York, August 4. In the second round of the Davis Cup the matches between England and Australasia opened to-day. the cable message states that the position continues to develop and further reports are expected from the district during the week while local bodies are considering the matter and the committee will report to a later meeting when the full returns are available for the consideration of members and the public generally throughout the province the cable message states that the position continues to develop and further reports are expected from the district during the week while local bodies are considering the matter and the committee will report to a later meeting when the full returns are available for the consideration of members and the public generally throughout the province the cable message states that the position continues to develop and further reports are expected from the district during the week while local bodies are considering the matter and the committee will report to a later meeting when the full returns are available for the consideration of members and the public generally throughout the province the cable message states that the position continues to develop and further reports are expected from the district during the week while local bodies are considering the matter and the committee will report to a later meeting when the full returns are available for the consideration of members and the public generally throughout the province the cable message states that the position continues to develop and further reports are expected from the district during the week while local bodies are considering the matter and the committee will report to a later meeting when the full returns are available for the consideration of members and the public generally throughout the province the cable message states that the position continues to develop and further reports are expected from the district during the week while local bodies are considering the matter and the committee will report to a later meeting when the full returns are available for the consideration of members and the public generally throughout the province the cable message states that the position continues to develop and further reports are expected from the district during the week while local bodies are considering the matter and the committee will report to a later meeting when the full returns are available for the consideration of members and the public generally throughout the province the cable message states that the position continues to develop and further reports are expected from the district during the week while local bodies are considering the matter and the committee will report to a later meeting when the full returns are available for the consideration of members and the public generally throughout the province the cable message states that the position continues to develop and further reports are expected from the district during the week while local bodies are considering the matter and the committee will report to a later meeting when the full returns are available for the consideration of members and the public generally throughout the province the cable message states that the position continues to develop and further reports are expected from the district during the week while local bodies are considering the matter and the committee will report to a later meeting when the full returns are available for the consideration of members and the public generally throughout the province
CRUELTY IN BAVARIA.
HELPLESS VICTIMS IN CAMP.
FOREIGNERS SUFFERING.
By Telegraph.—Press Assn.—Copyright.
Received August 5, 5.5 p.m.
London, August 5. The Daily Express' Berlin correspondent reports that immediate revelations are published in the Tageblatt. the cable message states that the position continues to develop and further reports are expected from the district during the week while local bodies are considering the matter and the committee will report to a later meeting when the full returns are available for the consideration of members and the public generally throughout the province the cable message states that the position continues to develop and further reports are expected from the district during the week while local bodies are considering the matter and the committee will report to a later meeting when the full returns are available for the consideration of members and the public generally throughout the province the cable message states that the position continues to develop and further reports are expected from the district during the week while local bodies are considering the matter and the committee will report to a later meeting when the full returns are available for the consideration of members and the public generally throughout the province the cable message states that the position continues to develop and further reports are expected from the district during the week while local bodies are considering the matter and the committee will report to a later meeting when the full returns are available for the consideration of members and the public generally throughout the province the cable message states that the position continues to develop and further reports are expected from the district during the week while local bodies are considering the matter and the committee will report to a later meeting when the full returns are available for the consideration of members and the public generally throughout the province the cable message states that the position continues to develop and further reports are expected from the district during the week while local bodies are considering the matter and the committee will report to a later meeting when the full returns are available for the consideration of members and the public generally throughout the province the cable message states that the position continues to develop and further reports are expected from the district during the week while local bodies are considering the matter and the committee will report to a later meeting when the full returns are available for the consideration of members and the public generally throughout the province the cable message states that the position continues to develop and further reports are expected from the district during the week while local bodies are considering the matter and the committee will report to a later meeting when the full returns are available for the consideration of members and the public generally throughout the province
RACING COMMISSION.
NO ACTION PROPOSED NOW.
MATTER FOR PARLIAMENT.
By Telegraph.—Press Association.
Wellington, Last Night. A deputation from the Otahuhu Trotting Club waited on the Minister. the cable message states that the position continues to develop and further reports are expected from the district during the week while local bodies are considering the matter and the committee will report to a later meeting when the full returns are available for the consideration of members and the public generally throughout the province the cable message states that the position continues to develop and further reports are expected from the district during the week while local bodies are considering the matter and the committee will report to a later meeting when the full returns are available for the consideration of members and the public generally throughout the province the cable message states that the position continues to develop and further reports are expected from the district during the week while local bodies are considering the matter and the committee will report to a later meeting when the full returns are available for the consideration of members and the public generally throughout the province the cable message states that the position continues to develop and further reports are expected from the district during the week while local bodies are considering the matter and the committee will report to a later meeting when the full returns are available for the consideration of members and the public generally throughout the province the cable message states that the position continues to develop and further reports are expected from the district during the week while local bodies are considering the matter and the committee will report to a later meeting when the full returns are available for the consideration of members and the public generally throughout the province the cable message states that the position continues to develop and further reports are expected from the district during the week while local bodies are considering the matter and the committee will report to a later meeting when the full returns are available for the consideration of members and the public generally throughout the province
VESSEL IN HURRICANE.
ROUGH TRIP FROM CHATHAMS.
SMALL BOAT'S EXPERIENCE.
By Telegraph.—Press Association.
Wellington, Last Night. An exceptionally rough trip from the Chathams was experienced by the steamer Ranui. the cable message states that the position continues to develop and further reports are expected from the district during the week while local bodies are considering the matter and the committee will report to a later meeting when the full returns are available for the consideration of members and the public generally throughout the province the cable message states that the position continues to develop and further reports are expected from the district during the week while local bodies are considering the matter and the committee will report to a later meeting when the full returns are available for the consideration of members and the public generally throughout the province the cable message states that the position continues to develop and further reports are expected from the district during the week while local bodies are considering the matter and the committee will report to a later meeting when the full returns are available for the consideration of members and the public generally throughout the province the cable message states that the position continues to develop and further reports are expected from the district during the week while local bodies are considering the matter and the committee will report to a later meeting when the full returns are available for the consideration of members and the public generally throughout the province the cable message states that the position continues to develop and further reports are expected from the district during the week while local bodies are considering the matter and the committee will report to a later meeting when the full returns are available for the consideration of members and the public generally throughout the province the cable message states that the position continues to develop and further reports are expected from the district during the week while local bodies are considering the matter and the committee will report to a later meeting when the full returns are available for the consideration of members and the public generally throughout the province the cable message states that the position continues to develop and further reports are expected from the district during the week while local bodies are considering the matter and the committee will report to a later meeting when the full returns are available for the consideration of members and the public generally throughout the province the cable message states that the position continues to develop and further reports are expected from the district during the week while local bodies are considering the matter and the committee will report to a later meeting when the full returns are available for the consideration of members and the public generally throughout the province the cable message states that the position continues to develop and further reports are expected from the district during the week while local bodies are considering the matter and the committee will report to a later meeting when the full returns are available for the consideration of members and the public generally throughout the province the cable message states that the position continues to develop and further reports are expected from the district during the week while local bodies are considering the matter and the committee will report to a later meeting when the full returns are available for the consideration of members and the public generally throughout the province the cable message states that the position continues to develop and further reports are expected from the district during the week while local bodies are considering the matter and the committee will report to a later meeting when the full returns are available for the consideration of members and the public generally throughout the province
CRICKET.
AUSTRALIA v. LANCASHIRE.
AUSTRALIA'S INNINGS.
By Telegraph.—Press Assn.—Copyright.
London, August 4. Australia lost three wickets for 156. The scores were: the cable message states that the position continues to develop and further reports are expected from the district during the week while local bodies are considering the matter and the committee will report to a later meeting when the full returns are available for the consideration of members and the public generally throughout the province the cable message states that the position continues to develop and further reports are expected from the district during the week while local bodies are considering the matter and the committee will report to a later meeting when the full returns are available for the consideration of members and the public generally throughout the province the cable message states that the position continues to develop and further reports are expected from the district during the week while local bodies are considering the matter and the committee will report to a later meeting when the full returns are available for the consideration of members and the public generally throughout the province the cable message states that the position continues to develop and further reports are expected from the district during the week while local bodies are considering the matter and the committee will report to a later meeting when the full returns are available for the consideration of members and the public generally throughout the province the cable message states that the position continues to develop and further reports are expected from the district during the week while local bodies are considering the matter and the committee will report to a later meeting when the full returns are available for the consideration of members and the public generally throughout the province the cable message states that the position continues to develop and further reports are expected from the district during the week while local bodies are considering the matter and the committee will report to a later meeting when the full returns are available for the consideration of members and the public generally throughout the province
ENGLISH AMATEUR TEAM.
TO TOUR NEW ZEALAND.
Received August 5, 8 p.m.
London, August 5. The following team of cricket amateurs leaves on October 15 to tour New Zealand. the cable message states that the position continues to develop and further reports are expected from the district during the week while local bodies are considering the matter and the committee will report to a later meeting when the full returns are available for the consideration of members and the public generally throughout the province the cable message states that the position continues to develop and further reports are expected from the district during the week while local bodies are considering the matter and the committee will report to a later meeting when the full returns are available for the consideration of members and the public generally throughout the province the cable message states that the position continues to develop and further reports are expected from the district during the week while local bodies are considering the matter and the committee will report to a later meeting when the full returns are available for the consideration of members and the public generally throughout the province the cable message states that the position continues to develop and further reports are expected from the district during the week while local bodies are considering the matter and the committee will report to a later meeting when the full returns are available for the consideration of members and the public generally throughout the province the cable message states that the position continues to develop and further reports are expected from the district during the week while local bodies are considering the matter and the committee will report to a later meeting when the full returns are available for the consideration of members and the public generally throughout the province the cable message states that the position continues to develop and further reports are expected from the district during the week while local bodies are considering the matter and the committee will report to a later meeting when the full returns are available for the consideration of members and the public generally throughout the province the cable message states that the position continues to develop and further reports are expected from the district during the week while local bodies are considering the matter and the committee will report to a later meeting when the full returns are available for the consideration of members and the public generally throughout the province the cable message states that the position continues to develop and further reports are expected from the district during the week while local bodies are considering the matter and the committee will report to a later meeting when the full returns are available for the consideration of members and the public generally throughout the province the cable message states that the position continues to develop and further reports are expected from the district during the week while local bodies are considering the matter and the committee will report to a later meeting when the full returns are available for the consideration of members and the public generally throughout the province the cable message states that the position continues to develop and further reports are expected from the district during the week while local bodies are considering the matter and the committee will report to a later meeting when the full returns are available for the consideration of members and the public generally throughout the province the cable message states that the position continues to develop and further reports are expected from the district during the week while local bodies are considering the matter and the committee will report to a later meeting when the full returns are available for the consideration of members and the public generally throughout the province
WAITARA.
DAMAGE BY THE STORM.
(From Our Own Correspondent.)
August 5. Rough weather has been the order of things for the last few days, cheerless conditions prevailing. the cable message states that the position continues to develop and further reports are expected from the district during the week while local bodies are considering the matter and the committee will report to a later meeting when the full returns are available for the consideration of members and the public generally throughout the province the cable message states that the position continues to develop and further reports are expected from the district during the week while local bodies are considering the matter and the committee will report to a later meeting when the full returns are available for the consideration of members and the public generally throughout the province the cable message states that the position continues to develop and further reports are expected from the district during the week while local bodies are considering the matter and the committee will report to a later meeting when the full returns are available for the consideration of members and the public generally throughout the province the cable message states that the position continues to develop and further reports are expected from the district during the week while local bodies are considering the matter and the committee will report to a later meeting when the full returns are available for the consideration of members and the public generally throughout the province the cable message states that the position continues to develop and further reports are expected from the district during the week while local bodies are considering the matter and the committee will report to a later meeting when the full returns are available for the consideration of members and the public generally throughout the province the cable message states that the position continues to develop and further reports are expected from the district during the week while local bodies are considering the matter and the committee will report to a later meeting when the full returns are available for the consideration of members and the public generally throughout the province the cable message states that the position continues to develop and further reports are expected from the district during the week while local bodies are considering the matter and the committee will report to a later meeting when the full returns are available for the consideration of members and the public generally throughout the province the cable message states that the position continues to develop and further reports are expected from the district during the week while local bodies are considering the matter and the committee will report to a later meeting when the full returns are available for the consideration of members and the public generally throughout the province the cable message states that the position continues to develop and further reports are expected from the district during the week while local bodies are considering the matter and the committee will report to a later meeting when the full returns are available for the consideration of members and the public generally throughout the province
WAITARA SCHOOL.
GENERAL NEWS.
The Waitara School Committee held its monthly meeting on Monday last, Mr. T. R. Ford presiding. the cable message states that the position continues to develop and further reports are expected from the district during the week while local bodies are considering the matter and the committee will report to a later meeting when the full returns are available for the consideration of members and the public generally throughout the province the cable message states that the position continues to develop and further reports are expected from the district during the week while local bodies are considering the matter and the committee will report to a later meeting when the full returns are available for the consideration of members and the public generally throughout the province the cable message states that the position continues to develop and further reports are expected from the district during the week while local bodies are considering the matter and the committee will report to a later meeting when the full returns are available for the consideration of members and the public generally throughout the province the cable message states that the position continues to develop and further reports are expected from the district during the week while local bodies are considering the matter and the committee will report to a later meeting when the full returns are available for the consideration of members and the public generally throughout the province the cable message states that the position continues to develop and further reports are expected from the district during the week while local bodies are considering the matter and the committee will report to a later meeting when the full returns are available for the consideration of members and the public generally throughout the province the cable message states that the position continues to develop and further reports are expected from the district during the week while local bodies are considering the matter and the committee will report to a later meeting when the full returns are available for the consideration of members and the public generally throughout the province the cable message states that the position continues to develop and further reports are expected from the district during the week while local bodies are considering the matter and the committee will report to a later meeting when the full returns are available for the consideration of members and the public generally throughout the province
